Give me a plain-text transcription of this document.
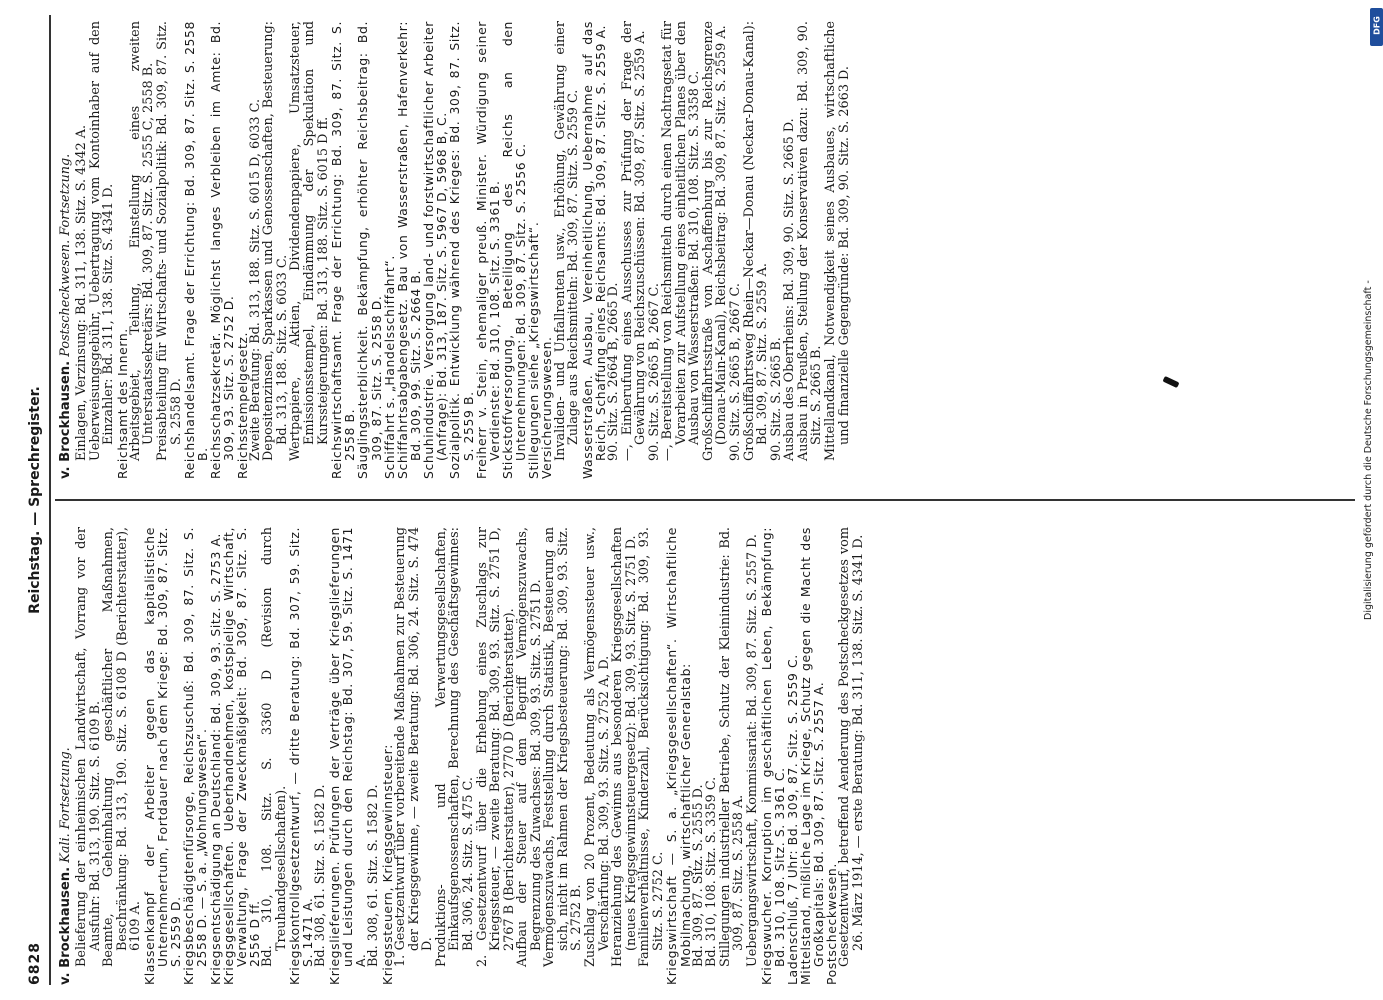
6828
Reichstag. — Sprechregister.

v. Brockhausen. Kali. Fortsetzung. Belieferung der einheimischen Landwirtschaft, Vorrang vor der Ausfuhr: Bd. 313, 190. Sitz. S. 6109 B.

Beamte, Geheimhaltung geschäftlicher Maßnahmen, Beschränkung: Bd. 313, 190. Sitz. S. 6108 D (Berichterstatter), 6109 A.

Klassenkampf der Arbeiter gegen das kapitalistische Unternehmertum, Fortdauer nach dem Kriege: Bd. 309, 87. Sitz. S. 2559 D.

Kriegsbeschädigtenfürsorge, Reichszuschuß: Bd. 309, 87. Sitz. S. 2558 D. — S. a. „Wohnungswesen“.

Kriegsentschädigung an Deutschland: Bd. 309, 93. Sitz. S. 2753 A.

Kriegsgesellschaften. Ueberhandnehmen, kostspielige Wirtschaft, Verwaltung, Frage der Zweckmäßigkeit: Bd. 309, 87. Sitz. S. 2556 D ff.

Bd. 310, 108. Sitz. S. 3360 D (Revision durch Treuhandgesellschaften).

Kriegskontrollgesetzentwurf, — dritte Beratung: Bd. 307, 59. Sitz. S. 1471 A.

Bd. 308, 61. Sitz. S. 1582 D.

Kriegslieferungen. Prüfungen der Verträge über Kriegslieferungen und Leistungen durch den Reichstag: Bd. 307, 59. Sitz. S. 1471 A.

Bd. 308, 61. Sitz. S. 1582 D.

Kriegssteuern, Kriegsgewinnsteuer:

1. Gesetzentwurf über vorbereitende Maßnahmen zur Besteuerung der Kriegsgewinne, — zweite Beratung: Bd. 306, 24. Sitz. S. 474 D.

Produktions- und Verwertungsgesellschaften, Einkaufsgenossenschaften, Berechnung des Geschäftsgewinnes: Bd. 306, 24. Sitz. S. 475 C.

2. Gesetzentwurf über die Erhebung eines Zuschlags zur Kriegssteuer, — zweite Beratung: Bd. 309, 93. Sitz. S. 2751 D, 2767 B (Berichterstatter), 2770 D (Berichterstatter).

Aufbau der Steuer auf dem Begriff Vermögenszuwachs, Begrenzung des Zuwachses: Bd. 309, 93. Sitz. S. 2751 D.

Vermögenszuwachs, Feststellung durch Statistik, Besteuerung an sich, nicht im Rahmen der Kriegsbesteuerung: Bd. 309, 93. Sitz. S. 2752 B.

Zuschlag von 20 Prozent, Bedeutung als Vermögenssteuer usw., Verschärfung: Bd. 309, 93. Sitz. S. 2752 A, D.

Heranziehung des Gewinns aus besonderen Kriegsgesellschaften (neues Kriegsgewinnsteuergesetz): Bd. 309, 93. Sitz. S. 2751 D.

Familienverhältnisse, Kinderzahl, Berücksichtigung: Bd. 309, 93. Sitz. S. 2752 C.

Kriegswirtschaft — S. a. „Kriegsgesellschaften“. Wirtschaftliche Mobilmachung, wirtschaftlicher Generalstab:

Bd. 309, 87. Sitz. S. 2555 D.

Bd. 310, 108. Sitz. S. 3359 C.

Stillegungen industrieller Betriebe, Schutz der Kleinindustrie: Bd. 309, 87. Sitz. S. 2558 A.

Uebergangswirtschaft, Kommissariat: Bd. 309, 87. Sitz. S. 2557 D.

Kriegswucher. Korruption im geschäftlichen Leben, Bekämpfung: Bd. 310, 108. Sitz. S. 3361 C.

Ladenschluß, 7 Uhr: Bd. 309, 87. Sitz. S. 2559 C.

Mittelstand, mißliche Lage im Kriege, Schutz gegen die Macht des Großkapitals: Bd. 309, 87. Sitz. S. 2557 A.

Postscheckwesen.

Gesetzentwurf, betreffend Aenderung des Postscheckgesetzes vom 26. März 1914, — erste Beratung: Bd. 311, 138. Sitz. S. 4341 D.

v. Brockhausen. Postscheckwesen. Fortsetzung. Einlagen, Verzinsung: Bd. 311, 138. Sitz. S. 4342 A.

Ueberweisungsgebühr, Uebertragung vom Kontoinhaber auf den Einzahler: Bd. 311, 138. Sitz. S. 4341 D.

Reichsamt des Innern.

Arbeitsgebiet, Teilung, Einstellung eines zweiten Unterstaatssekretärs: Bd. 309, 87. Sitz. S. 2555 C, 2558 B.

Preisabteilung für Wirtschafts- und Sozialpolitik: Bd. 309, 87. Sitz. S. 2558 D.

Reichshandelsamt. Frage der Errichtung: Bd. 309, 87. Sitz. S. 2558 B.

Reichsschatzsekretär. Möglichst langes Verbleiben im Amte: Bd. 309, 93. Sitz. S. 2752 D.

Reichsstempelgesetz.

Zweite Beratung: Bd. 313, 188. Sitz. S. 6015 D, 6033 C.

Depositenzinsen, Sparkassen und Genossenschaften, Besteuerung: Bd. 313, 188. Sitz. S. 6033 C.

Wertpapiere, Aktien, Dividendenpapiere, Umsatzsteuer, Emissionsstempel, Eindämmung der Spekulation und Kurssteigerungen: Bd. 313, 188. Sitz. S. 6015 D ff.

Reichswirtschaftsamt. Frage der Errichtung: Bd. 309, 87. Sitz. S. 2558 B.

Säuglingssterblichkeit. Bekämpfung, erhöhter Reichsbeitrag: Bd. 309, 87. Sitz. S. 2558 D.

Schiffahrt s. „Handelsschiffahrt“.

Schiffahrtsabgabengesetz. Bau von Wasserstraßen, Hafenverkehr: Bd. 309, 99. Sitz. S. 2664 B.

Schuhindustrie. Versorgung land- und forstwirtschaftlicher Arbeiter (Anfrage): Bd. 313, 187. Sitz. S. 5967 D, 5968 B, C.

Sozialpolitik. Entwicklung während des Krieges: Bd. 309, 87. Sitz. S. 2559 B.

Freiherr v. Stein, ehemaliger preuß. Minister. Würdigung seiner Verdienste: Bd. 310, 108. Sitz. S. 3361 B.

Stickstoffversorgung, Beteiligung des Reichs an den Unternehmungen: Bd. 309, 87. Sitz. S. 2556 C.

Stillegungen siehe „Kriegswirtschaft“.

Versicherungswesen.

Invaliden- und Unfallrenten usw., Erhöhung, Gewährung einer Zulage aus Reichsmitteln: Bd. 309, 87. Sitz. S. 2559 C.

Wasserstraßen. Ausbau, Vereinheitlichung, Uebernahme auf das Reich, Schaffung eines Reichsamts: Bd. 309, 87. Sitz. S. 2559 A.

90. Sitz. S. 2664 B, 2665 D.

—, Einberufung eines Ausschusses zur Prüfung der Frage der Gewährung von Reichszuschüssen: Bd. 309, 87. Sitz. S. 2559 A.

90. Sitz. S. 2665 B, 2667 C.

—, Bereitstellung von Reichsmitteln durch einen Nachtragsetat für Vorarbeiten zur Aufstellung eines einheitlichen Planes über den Ausbau von Wasserstraßen: Bd. 310, 108. Sitz. S. 3358 C.

Großschiffahrtsstraße von Aschaffenburg bis zur Reichsgrenze (Donau-Main-Kanal), Reichsbeitrag: Bd. 309, 87. Sitz. S. 2559 A.

90. Sitz. S. 2665 B, 2667 C.

Großschiffahrtsweg Rhein—Neckar—Donau (Neckar-Donau-Kanal): Bd. 309, 87. Sitz. S. 2559 A.

90. Sitz. S. 2665 B.

Ausbau des Oberrheins: Bd. 309, 90. Sitz. S. 2665 D.

Ausbau in Preußen, Stellung der Konservativen dazu: Bd. 309, 90. Sitz. S. 2665 B.

Mittellandkanal, Notwendigkeit seines Ausbaues, wirtschaftliche und finanzielle Gegengründe: Bd. 309, 90. Sitz. S. 2663 D.

Digitalisierung gefördert durch die Deutsche Forschungsgemeinschaft -
DFG
